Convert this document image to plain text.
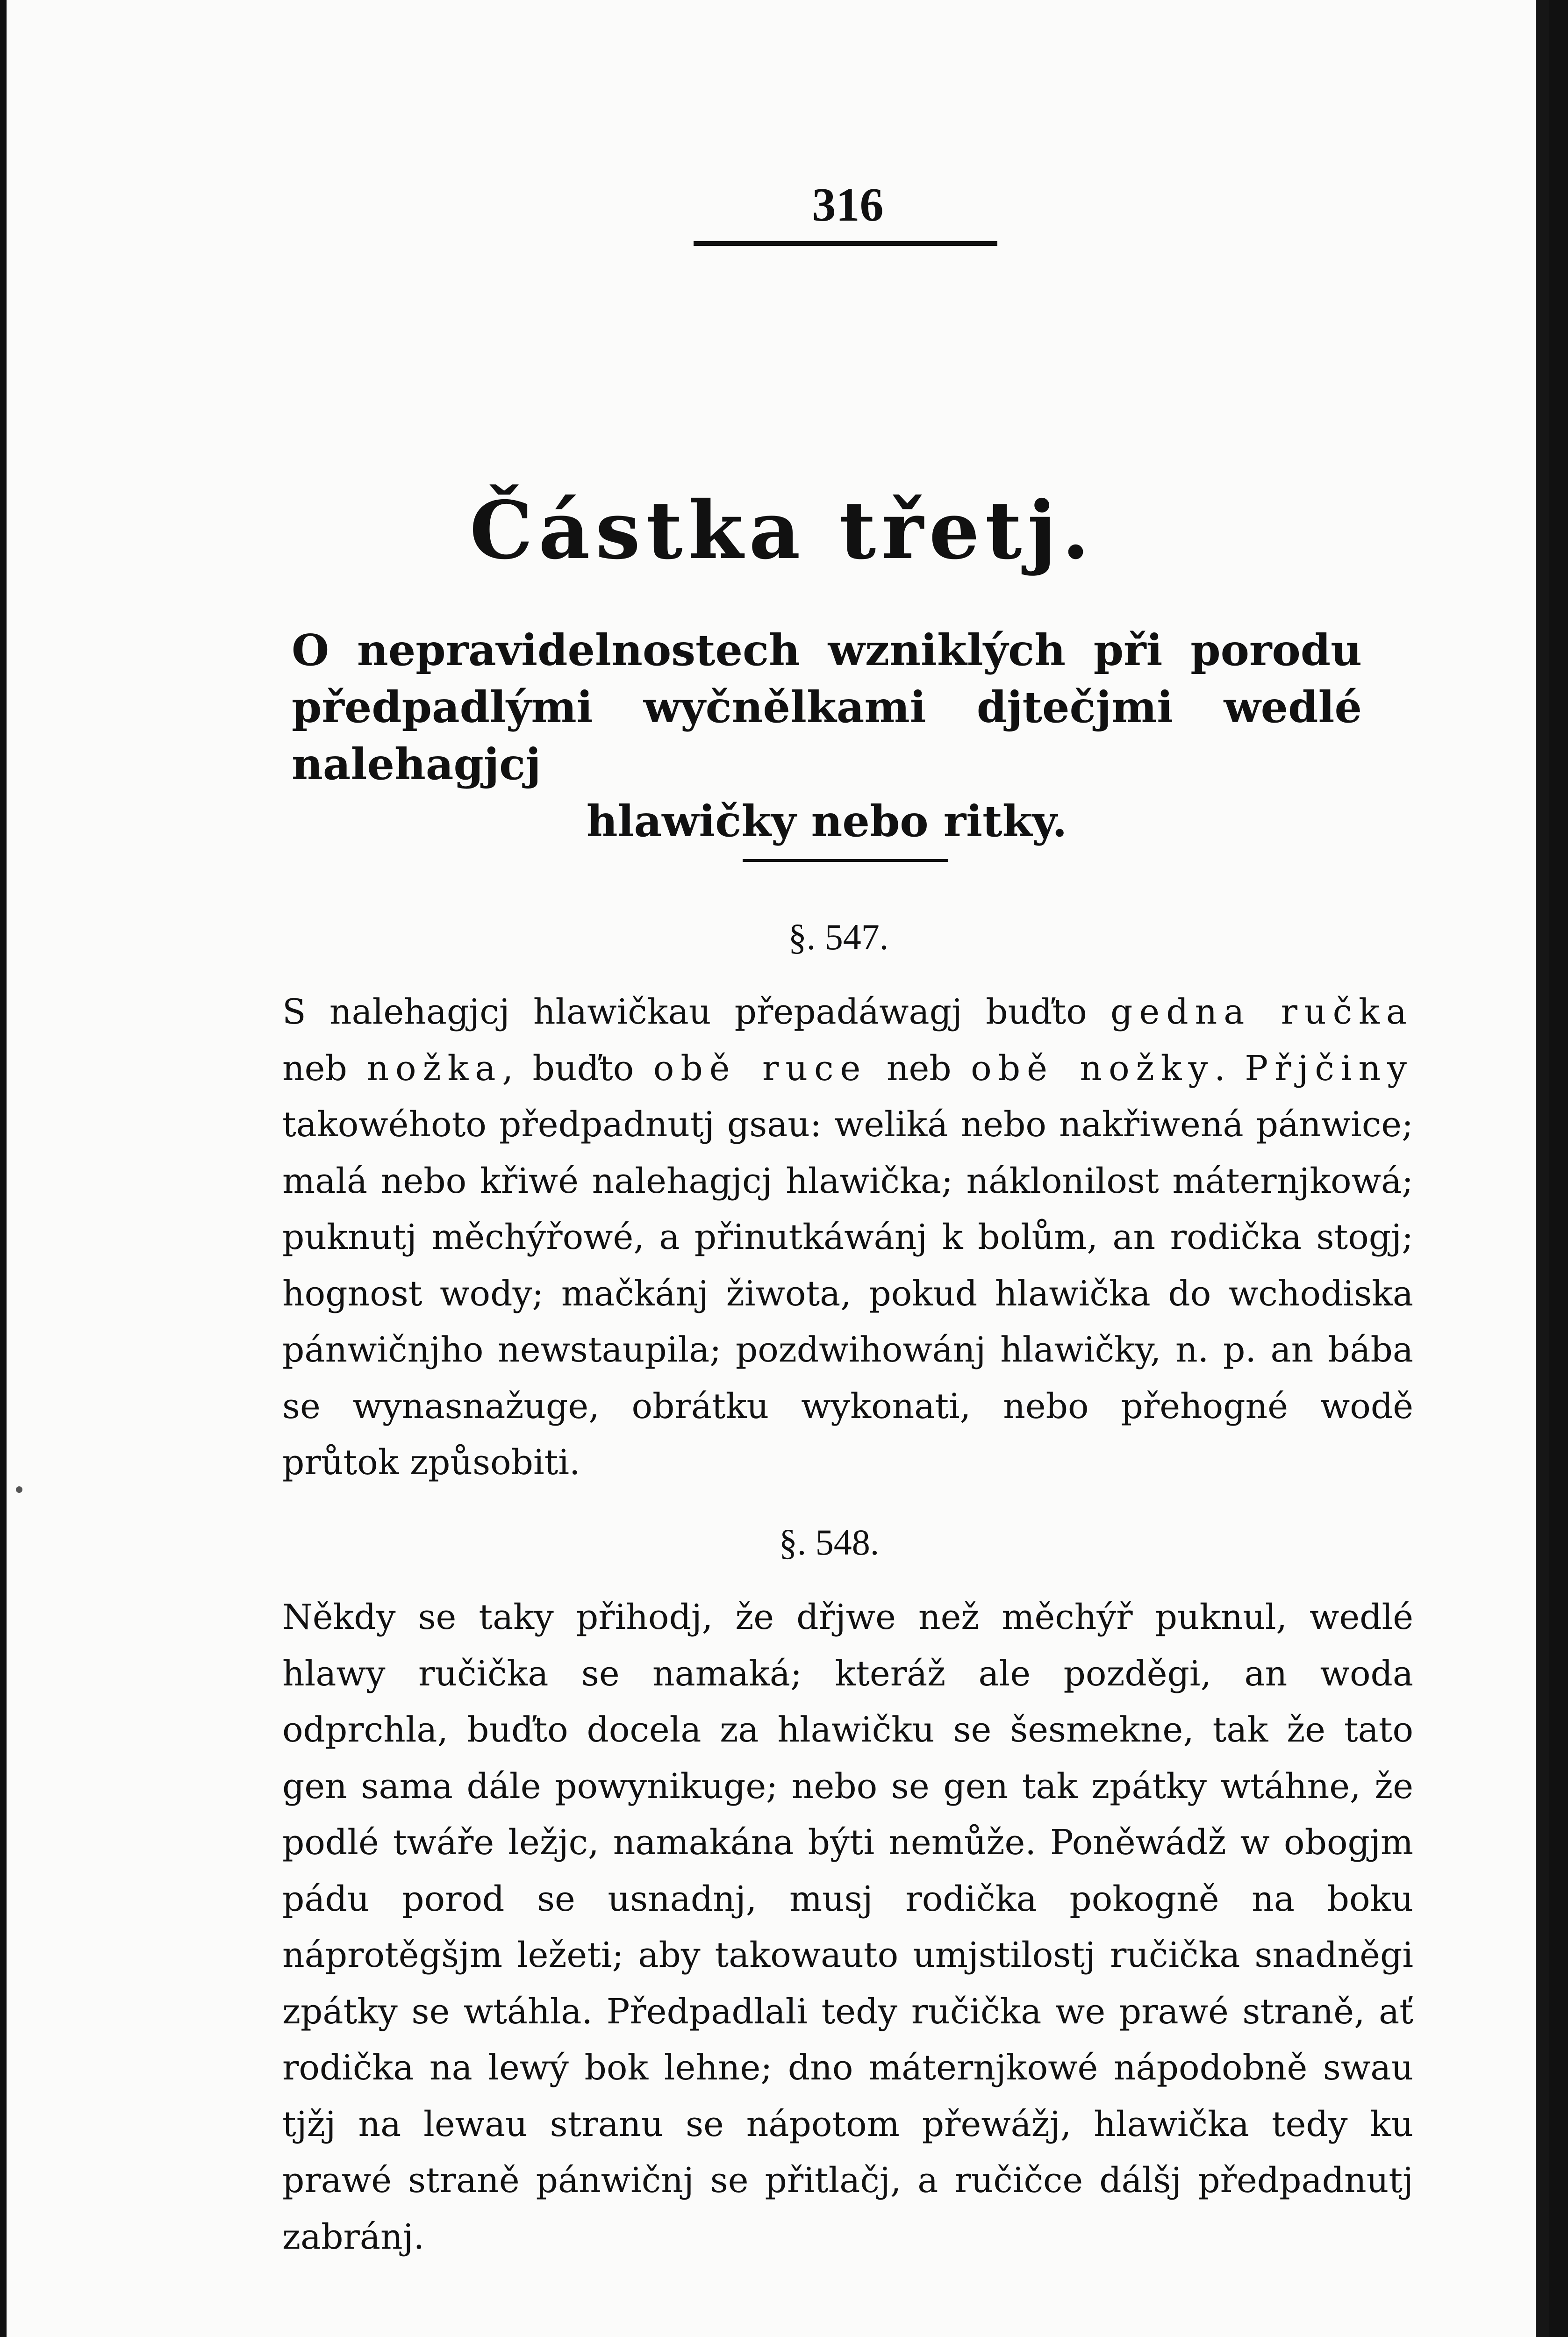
316

Částka třetj.
O nepravidelnostech wzniklých při porodu předpadlými wyčnělkami djtečjmi wedlé nalehagjcj
hlawičky nebo ritky.
§. 547.
S nalehagjcj hlawičkau přepadáwagj buďto gedna ručka neb nožka, buďto obě ruce neb obě nožky. Přjčiny takowéhoto předpadnutj gsau: weliká nebo nakřiwená pánwice; malá nebo křiwé nalehagjcj hlawička; náklonilost máternjkowá; puknutj měchýřowé, a přinutkáwánj k bolům, an rodička stogj; hognost wody; mačkánj žiwota, pokud hlawička do wchodiska pánwičnjho newstaupila; pozdwihowánj hlawičky, n. p. an bába se wynasnažuge, obrátku wykonati, nebo přehogné wodě průtok způsobiti.
§. 548.
Někdy se taky přihodj, že dřjwe než měchýř puknul, wedlé hlawy ručička se namaká; kteráž ale pozděgi, an woda odprchla, buďto docela za hlawičku se šesmekne, tak že tato gen sama dále powynikuge; nebo se gen tak zpátky wtáhne, že podlé twáře ležjc, namakána býti nemůže. Poněwádž w obogjm pádu porod se usnadnj, musj rodička pokogně na boku náprotěgšjm ležeti; aby takowauto umjstilostj ručička snadněgi zpátky se wtáhla. Předpadlali tedy ručička we prawé straně, ať rodička na lewý bok lehne; dno máternjkowé nápodobně swau tjžj na lewau stranu se nápotom přewážj, hlawička tedy ku prawé straně pánwičnj se přitlačj, a ručičce dálšj předpadnutj zabránj.
